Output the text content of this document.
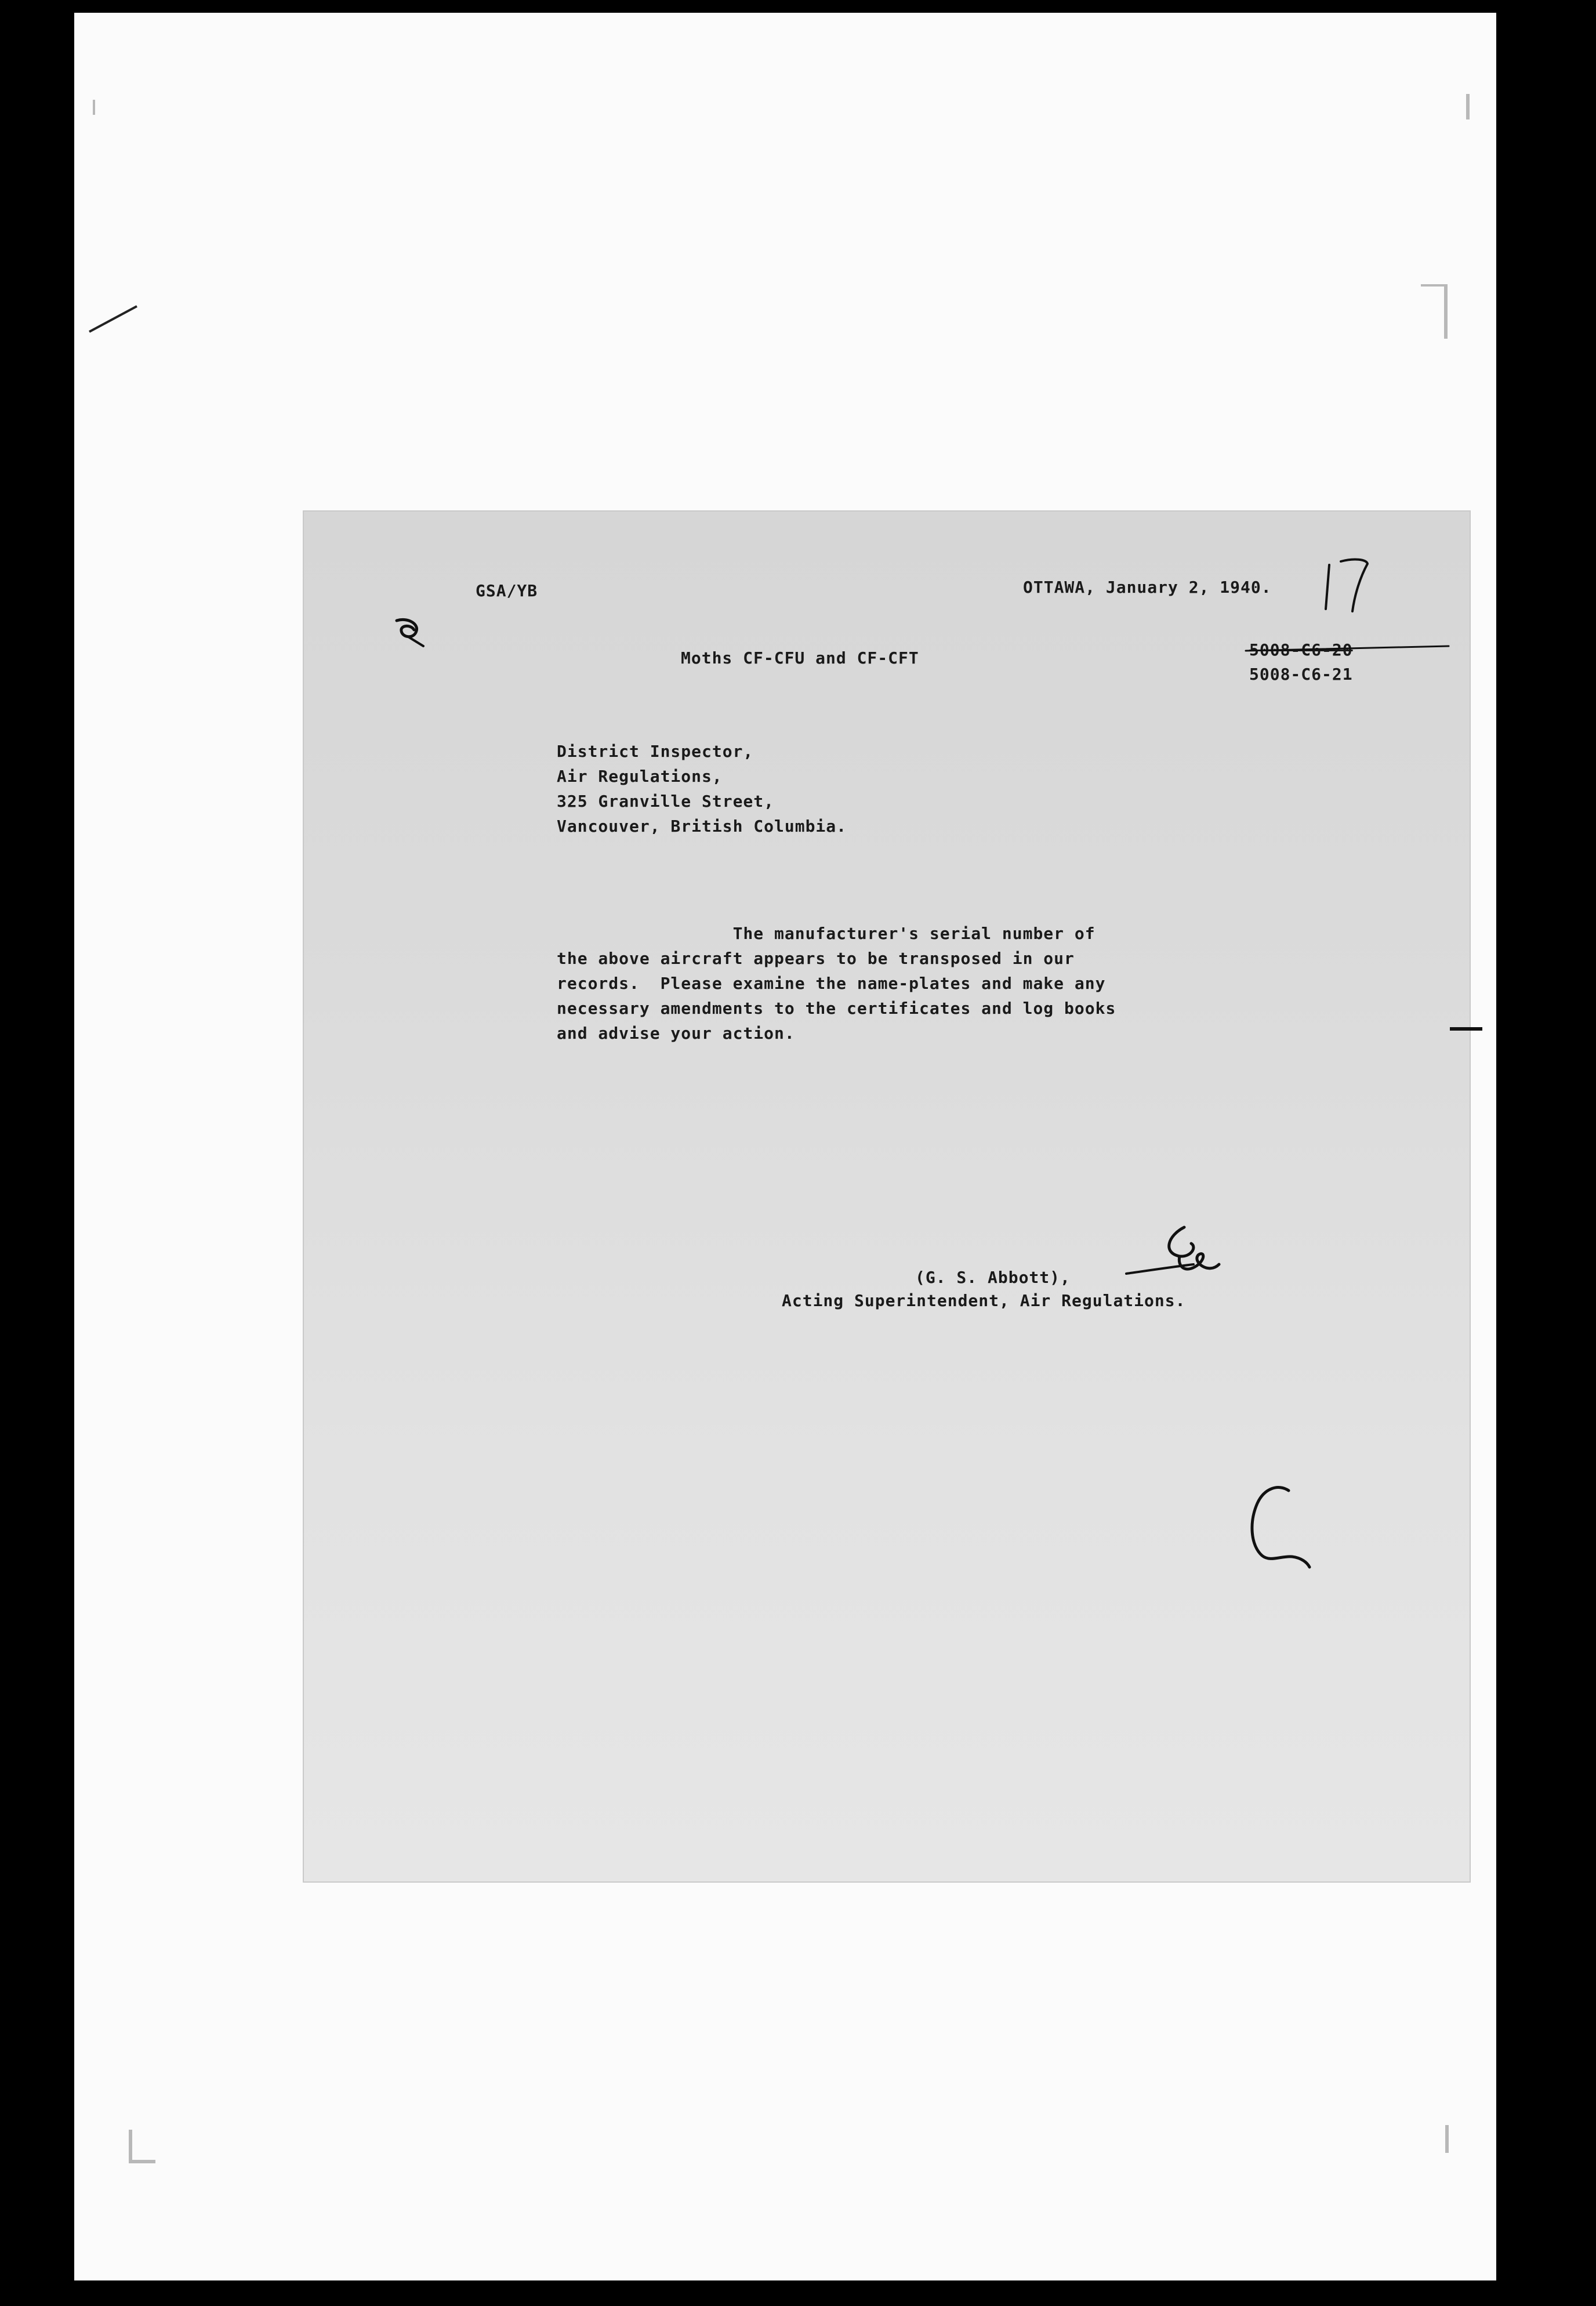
GSA/YB	OTTAWA, January 2, 1940.

Moths CF-CFU and CF-CFT	5008-C6-20

5008-C6-21

District Inspector,

Air Regulations,

325 Granville Street,

Vancouver, British Columbia.

The manufacturer's serial number of

the above aircraft appears to be transposed in our

records.  Please examine the name-plates and make any

necessary amendments to the certificates and log books

and advise your action.

(G. S. Abbott),

Acting Superintendent, Air Regulations.
